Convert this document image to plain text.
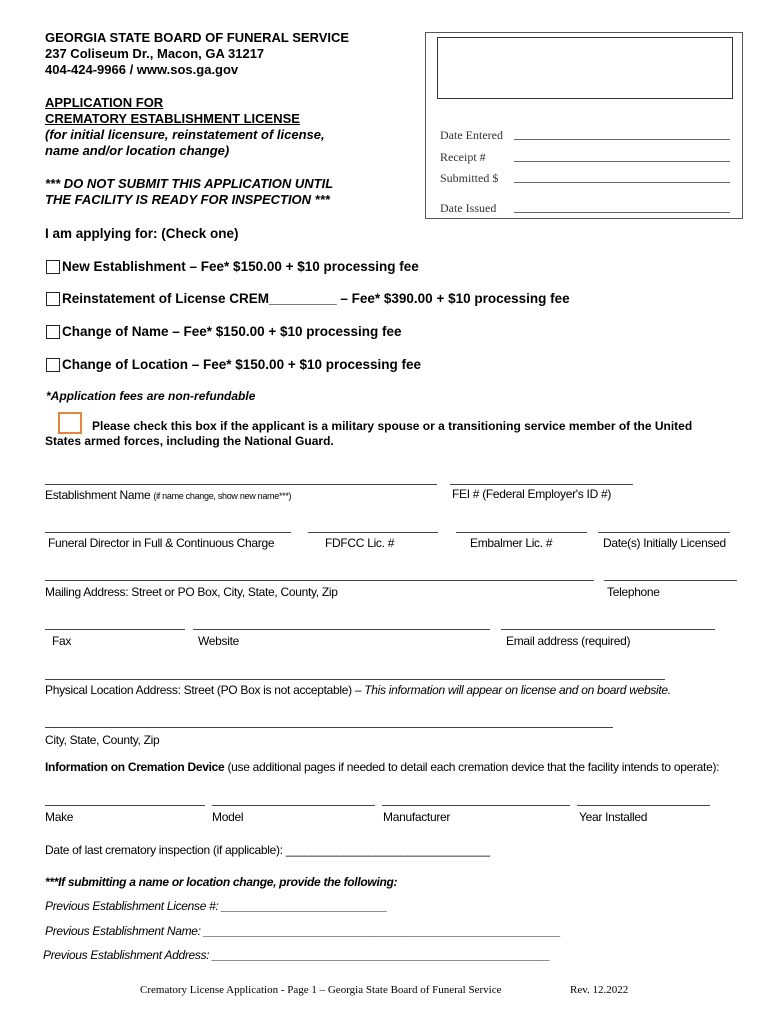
GEORGIA STATE BOARD OF FUNERAL SERVICE
237 Coliseum Dr., Macon, GA 31217
404-424-9966 / www.sos.ga.gov
APPLICATION FOR
CREMATORY ESTABLISHMENT LICENSE
(for initial licensure, reinstatement of license,
name and/or location change)
*** DO NOT SUBMIT THIS APPLICATION UNTIL
THE FACILITY IS READY FOR INSPECTION ***
Date Entered
Receipt #
Submitted $
Date Issued
I am applying for: (Check one)
New Establishment – Fee* $150.00 + $10 processing fee
Reinstatement of License CREM_________ – Fee* $390.00 + $10 processing fee
Change of Name – Fee* $150.00 + $10 processing fee
Change of Location – Fee* $150.00 + $10 processing fee
*Application fees are non-refundable
Please check this box if the applicant is a military spouse or a transitioning service member of the United
States armed forces, including the National Guard.
Establishment Name (if name change, show new name***)	FEI # (Federal Employer's ID #)
Funeral Director in Full & Continuous Charge	FDFCC Lic. #	Embalmer Lic. #	Date(s) Initially Licensed
Mailing Address: Street or PO Box, City, State, County, Zip	Telephone
Fax	Website	Email address (required)
Physical Location Address: Street (PO Box is not acceptable) – This information will appear on license and on board website.
City, State, County, Zip
Information on Cremation Device (use additional pages if needed to detail each cremation device that the facility intends to operate):
Make	Model	Manufacturer	Year Installed
Date of last crematory inspection (if applicable): ________________________________
***If submitting a name or location change, provide the following:
Previous Establishment License #: __________________________
Previous Establishment Name: ________________________________________________________
Previous Establishment Address: _____________________________________________________
Crematory License Application - Page 1 – Georgia State Board of Funeral Service	Rev. 12.2022
